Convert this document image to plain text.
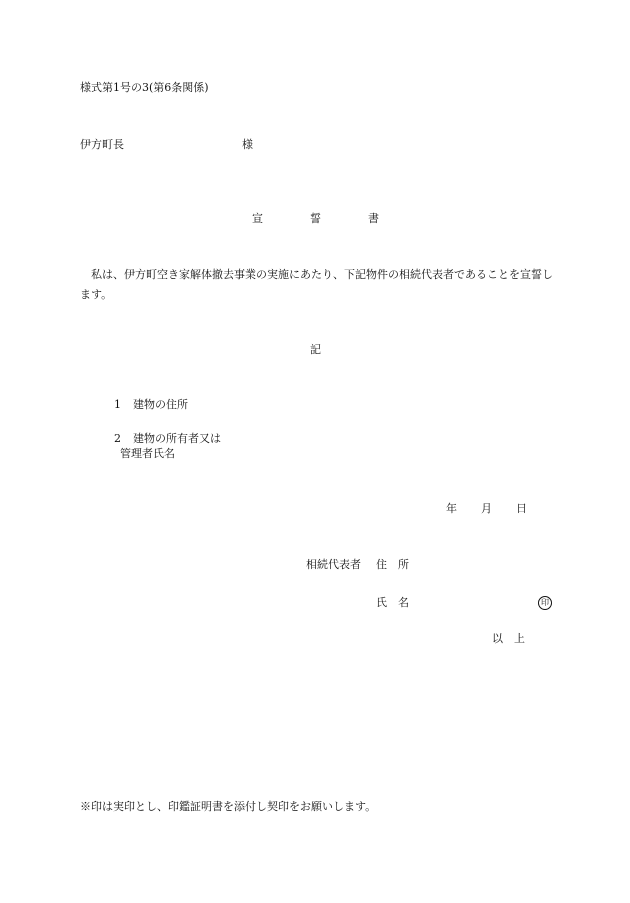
様式第1号の3(第6条関係)
伊方町長	様
宣	誓	書
私は、伊方町空き家解体撤去事業の実施にあたり、下記物件の相続代表者であることを宣誓します。
記
1 建物の住所
2 建物の所有者又は
管理者氏名
年 月 日
相続代表者 住　所
氏　名	印
以　上
※印は実印とし、印鑑証明書を添付し契印をお願いします。
